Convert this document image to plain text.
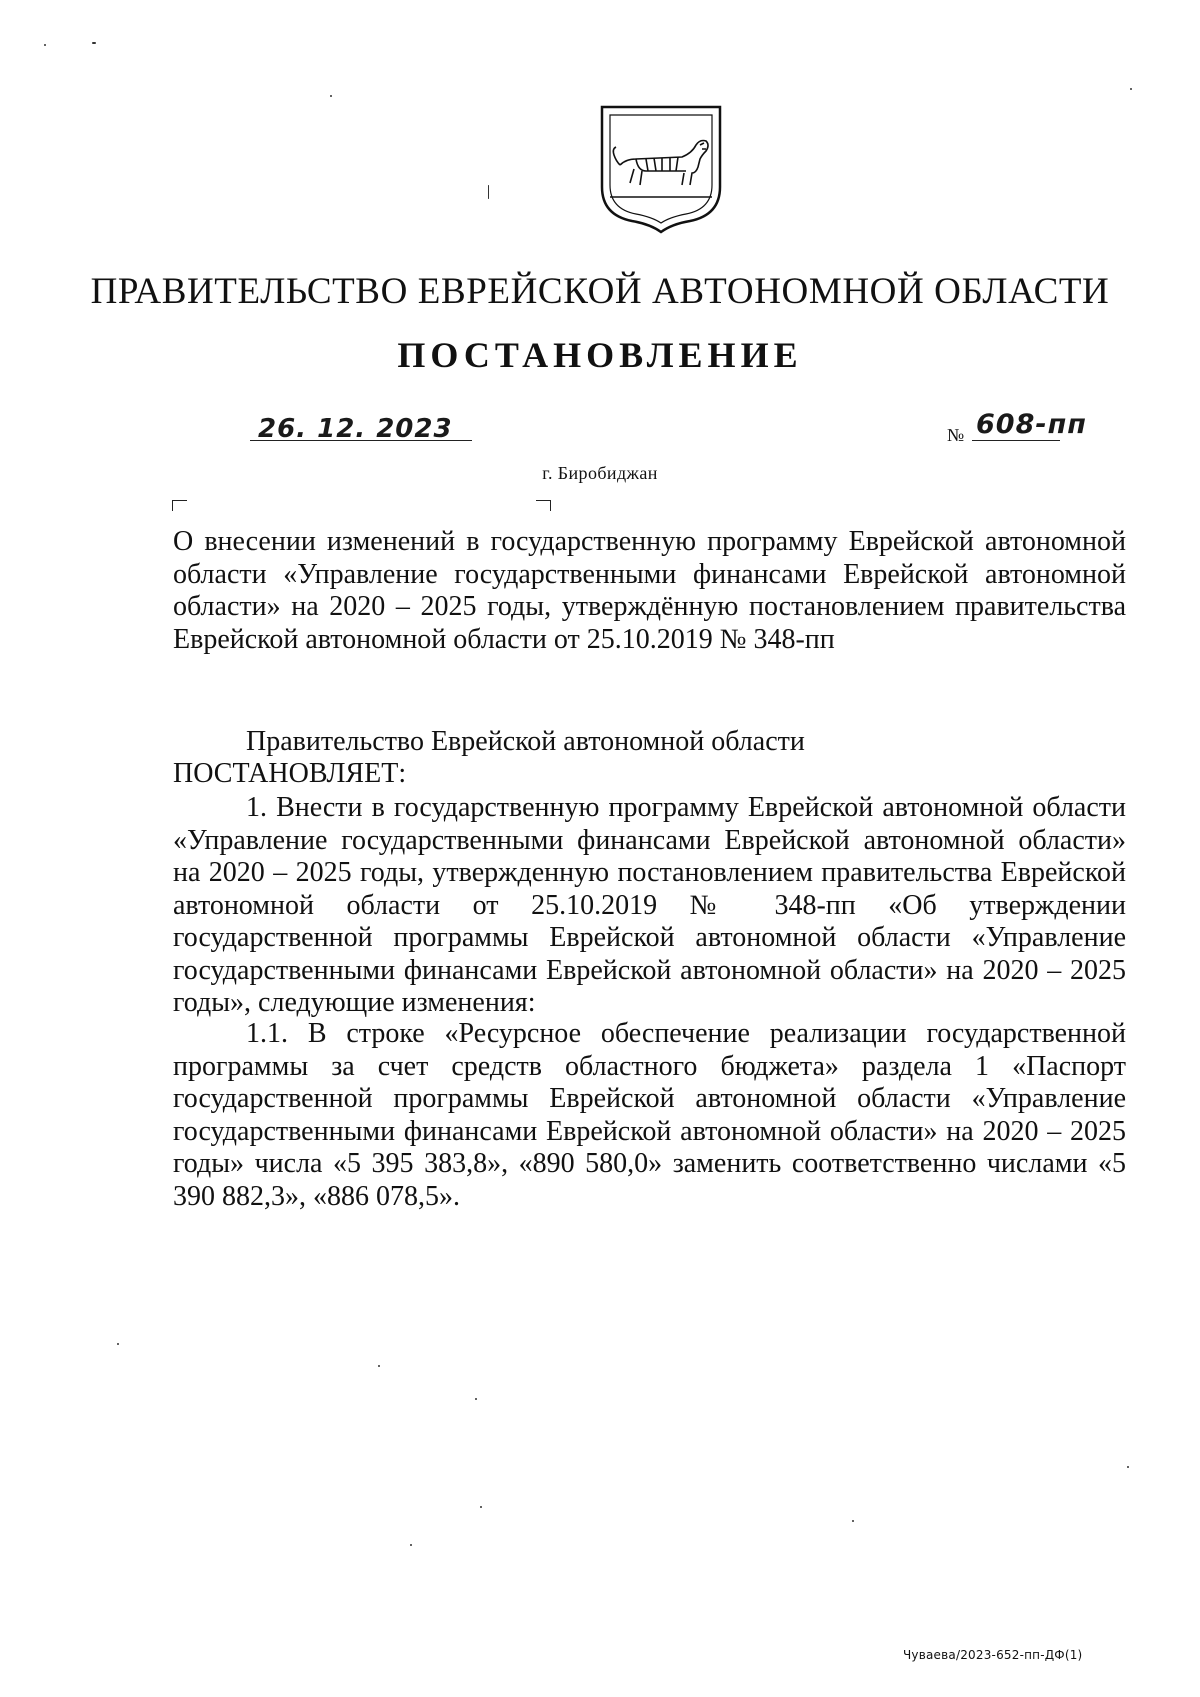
ПРАВИТЕЛЬСТВО ЕВРЕЙСКОЙ АВТОНОМНОЙ ОБЛАСТИ
ПОСТАНОВЛЕНИЕ
26. 12. 2023	№ 608-пп
г. Биробиджан
О внесении изменений в государственную программу Еврейской автономной области «Управление государственными финансами Еврейской автономной области» на 2020 – 2025 годы, утверждённую постановлением правительства Еврейской автономной области от 25.10.2019 № 348-пп
Правительство Еврейской автономной области
ПОСТАНОВЛЯЕТ:
1. Внести в государственную программу Еврейской автономной области «Управление государственными финансами Еврейской автономной области» на 2020 – 2025 годы, утвержденную постановлением правительства Еврейской автономной области от 25.10.2019 № 348-пп «Об утверждении государственной программы Еврейской автономной области «Управление государственными финансами Еврейской автономной области» на 2020 – 2025 годы», следующие изменения:
1.1. В строке «Ресурсное обеспечение реализации государственной программы за счет средств областного бюджета» раздела 1 «Паспорт государственной программы Еврейской автономной области «Управление государственными финансами Еврейской автономной области» на 2020 – 2025 годы» числа «5 395 383,8», «890 580,0» заменить соответственно числами «5 390 882,3», «886 078,5».
Чуваева/2023-652-пп-ДФ(1)
